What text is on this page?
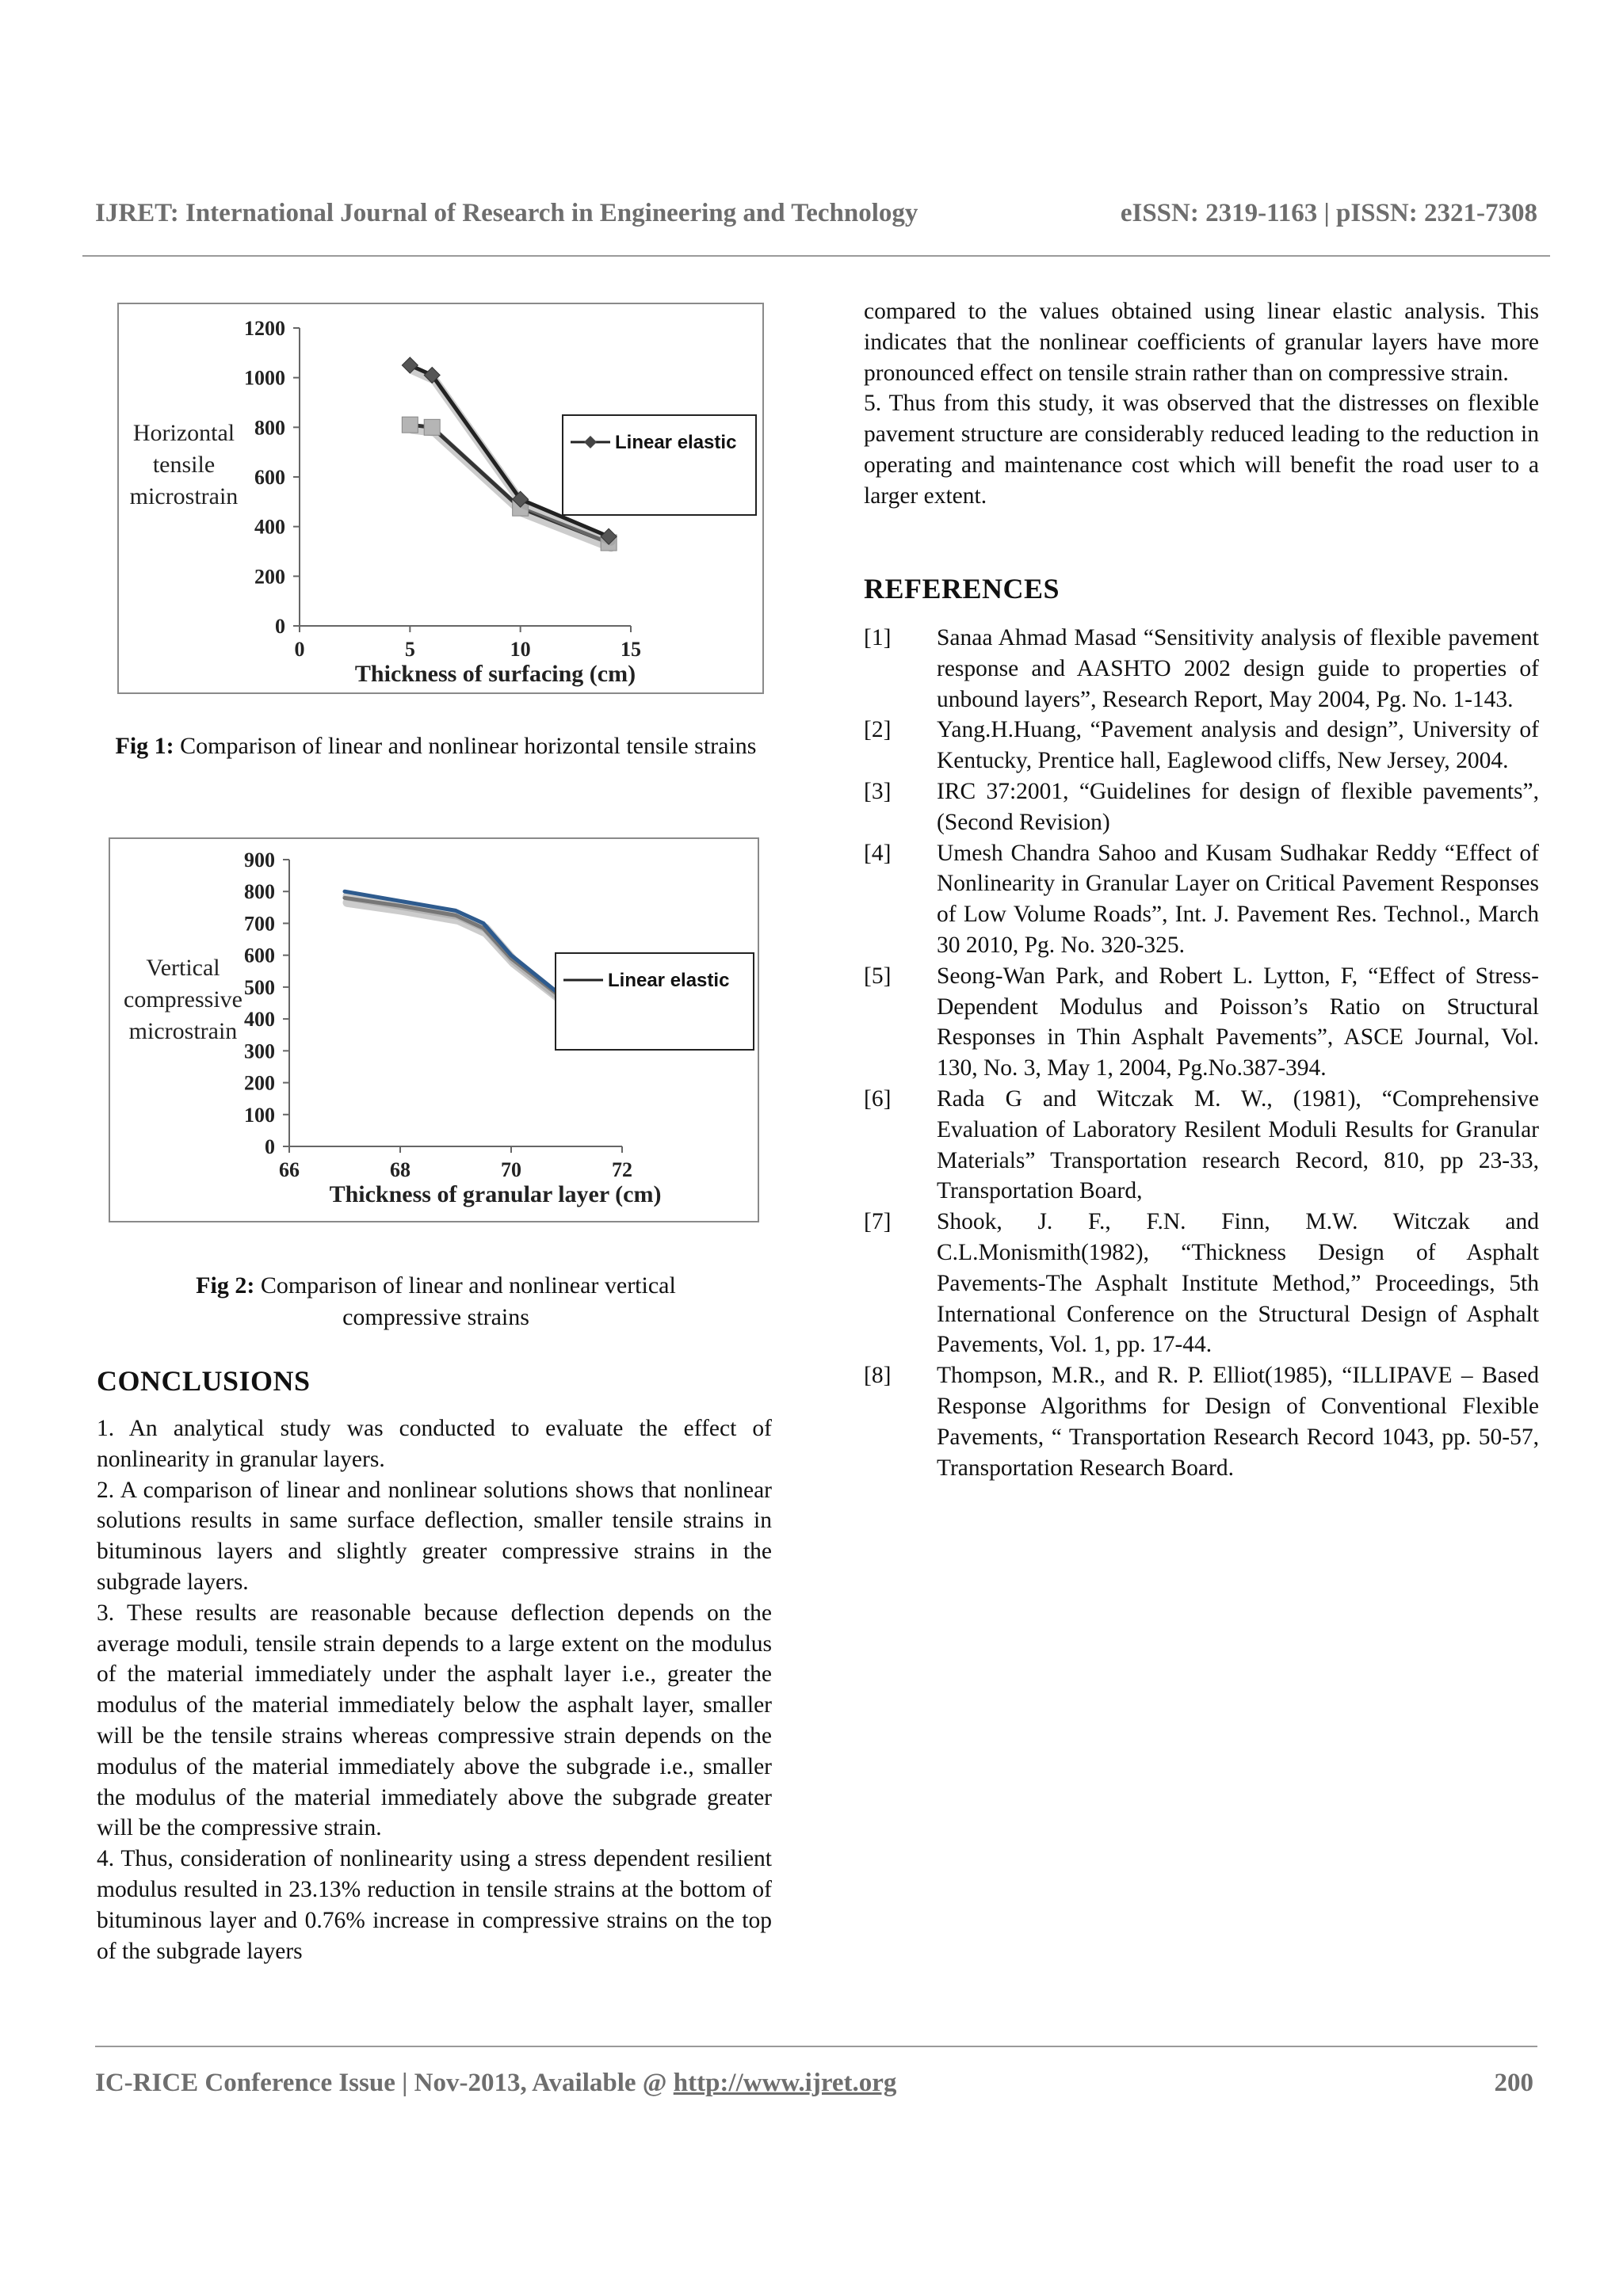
IJRET: International Journal of Research in Engineering and Technology	eISSN: 2319-1163 | pISSN: 2321-7308
1200
1000
800
600
400
200
0
0	5	10	15
Thickness of surfacing (cm)
Horizontal
tensile
microstrain
Linear elastic
Fig 1: Comparison of linear and nonlinear horizontal tensile strains
900
800
700
600
500
400
300
200
100
0
66	68	70	72
Thickness of granular layer (cm)
Vertical
compressive
microstrain
Linear elastic
Fig 2: Comparison of linear and nonlinear vertical compressive strains
CONCLUSIONS

1. An analytical study was conducted to evaluate the effect of nonlinearity in granular layers.

2. A comparison of linear and nonlinear solutions shows that nonlinear solutions results in same surface deflection, smaller tensile strains in bituminous layers and slightly greater compressive strains in the subgrade layers.

3. These results are reasonable because deflection depends on the average moduli, tensile strain depends to a large extent on the modulus of the material immediately under the asphalt layer i.e., greater the modulus of the material immediately below the asphalt layer, smaller will be the tensile strains whereas compressive strain depends on the modulus of the material immediately above the subgrade i.e., smaller the modulus of the material immediately above the subgrade greater will be the compressive strain.

4. Thus, consideration of nonlinearity using a stress dependent resilient modulus resulted in 23.13% reduction in tensile strains at the bottom of bituminous layer and 0.76% increase in compressive strains on the top of the subgrade layers

compared to the values obtained using linear elastic analysis. This indicates that the nonlinear coefficients of granular layers have more pronounced effect on tensile strain rather than on compressive strain.

5. Thus from this study, it was observed that the distresses on flexible pavement structure are considerably reduced leading to the reduction in operating and maintenance cost which will benefit the road user to a larger extent.

REFERENCES
[1]	Sanaa Ahmad Masad “Sensitivity analysis of flexible pavement response and AASHTO 2002 design guide to properties of unbound layers”, Research Report, May 2004, Pg. No. 1-143.
[2]	Yang.H.Huang, “Pavement analysis and design”, University of Kentucky, Prentice hall, Eaglewood cliffs, New Jersey, 2004.
[3]	IRC 37:2001, “Guidelines for design of flexible pavements”, (Second Revision)
[4]	Umesh Chandra Sahoo and Kusam Sudhakar Reddy “Effect of Nonlinearity in Granular Layer on Critical Pavement Responses of Low Volume Roads”, Int. J. Pavement Res. Technol., March 30 2010, Pg. No. 320-325.
[5]	Seong-Wan Park, and Robert L. Lytton, F, “Effect of Stress-Dependent Modulus and Poisson’s Ratio on Structural Responses in Thin Asphalt Pavements”, ASCE Journal, Vol. 130, No. 3, May 1, 2004, Pg.No.387-394.
[6]	Rada G and Witczak M. W., (1981), “Comprehensive Evaluation of Laboratory Resilent Moduli Results for Granular Materials” Transportation research Record, 810, pp 23-33, Transportation Board,
[7]	Shook, J. F., F.N. Finn, M.W. Witczak and C.L.Monismith(1982), “Thickness Design of Asphalt Pavements-The Asphalt Institute Method,” Proceedings, 5th International Conference on the Structural Design of Asphalt Pavements, Vol. 1, pp. 17-44.
[8]	Thompson, M.R., and R. P. Elliot(1985), “ILLIPAVE – Based Response Algorithms for Design of Conventional Flexible Pavements, “ Transportation Research Record 1043, pp. 50-57, Transportation Research Board.
IC-RICE Conference Issue | Nov-2013, Available @ http://www.ijret.org	200
